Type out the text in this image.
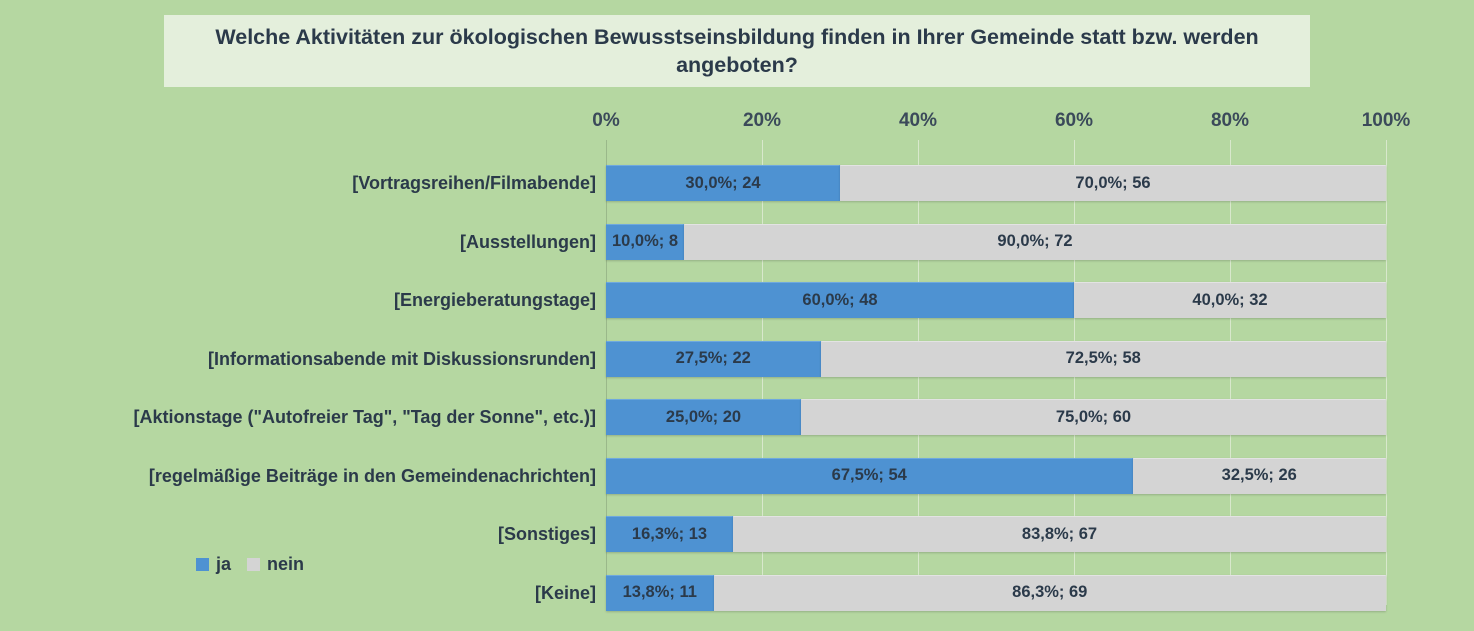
Welche Aktivitäten zur ökologischen Bewusstseinsbildung finden in Ihrer Gemeinde statt bzw. werden angeboten?
0%	20%	40%	60%	80%	100%
[Vortragsreihen/Filmabende]	30,0%; 24	70,0%; 56
[Ausstellungen] 10,0%; 8	90,0%; 72
[Energieberatungstage]	60,0%; 48	40,0%; 32
[Informationsabende mit Diskussionsrunden]	27,5%; 22	72,5%; 58
[Aktionstage ("Autofreier Tag", "Tag der Sonne", etc.)]	25,0%; 20	75,0%; 60
[regelmäßige Beiträge in den Gemeindenachrichten]	67,5%; 54	32,5%; 26
[Sonstiges] 16,3%; 13	83,8%; 67
[Keine] 13,8%; 11	86,3%; 69
ja nein
